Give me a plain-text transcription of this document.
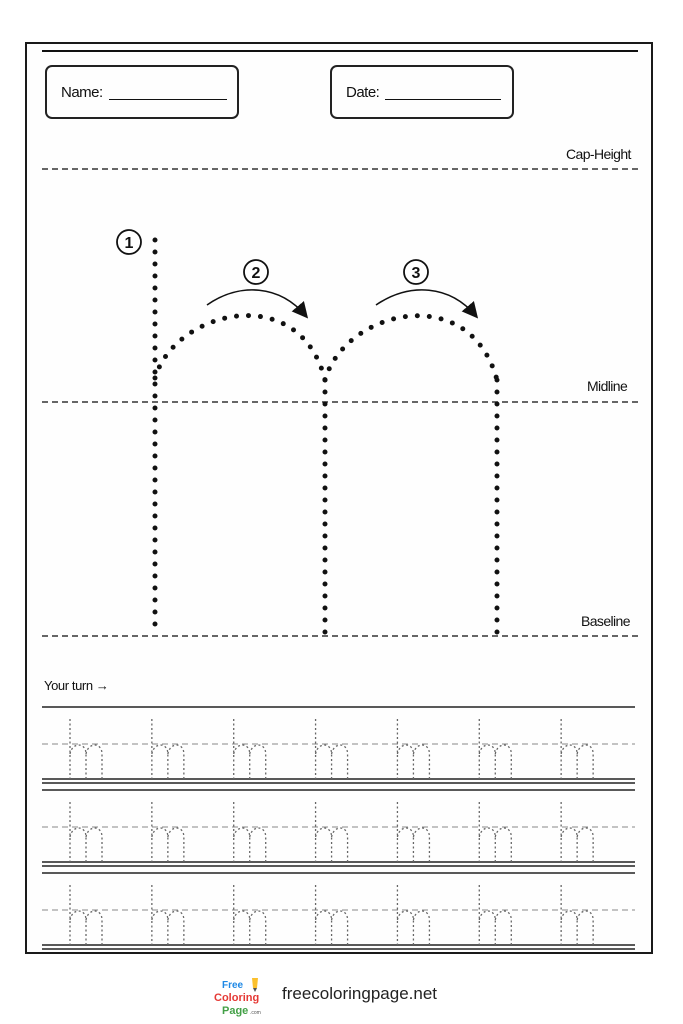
Name:	Date:
Cap-Height
Midline
Baseline
1
2	3
Your turn →
Free
Coloring
Page .com
freecoloringpage.net
